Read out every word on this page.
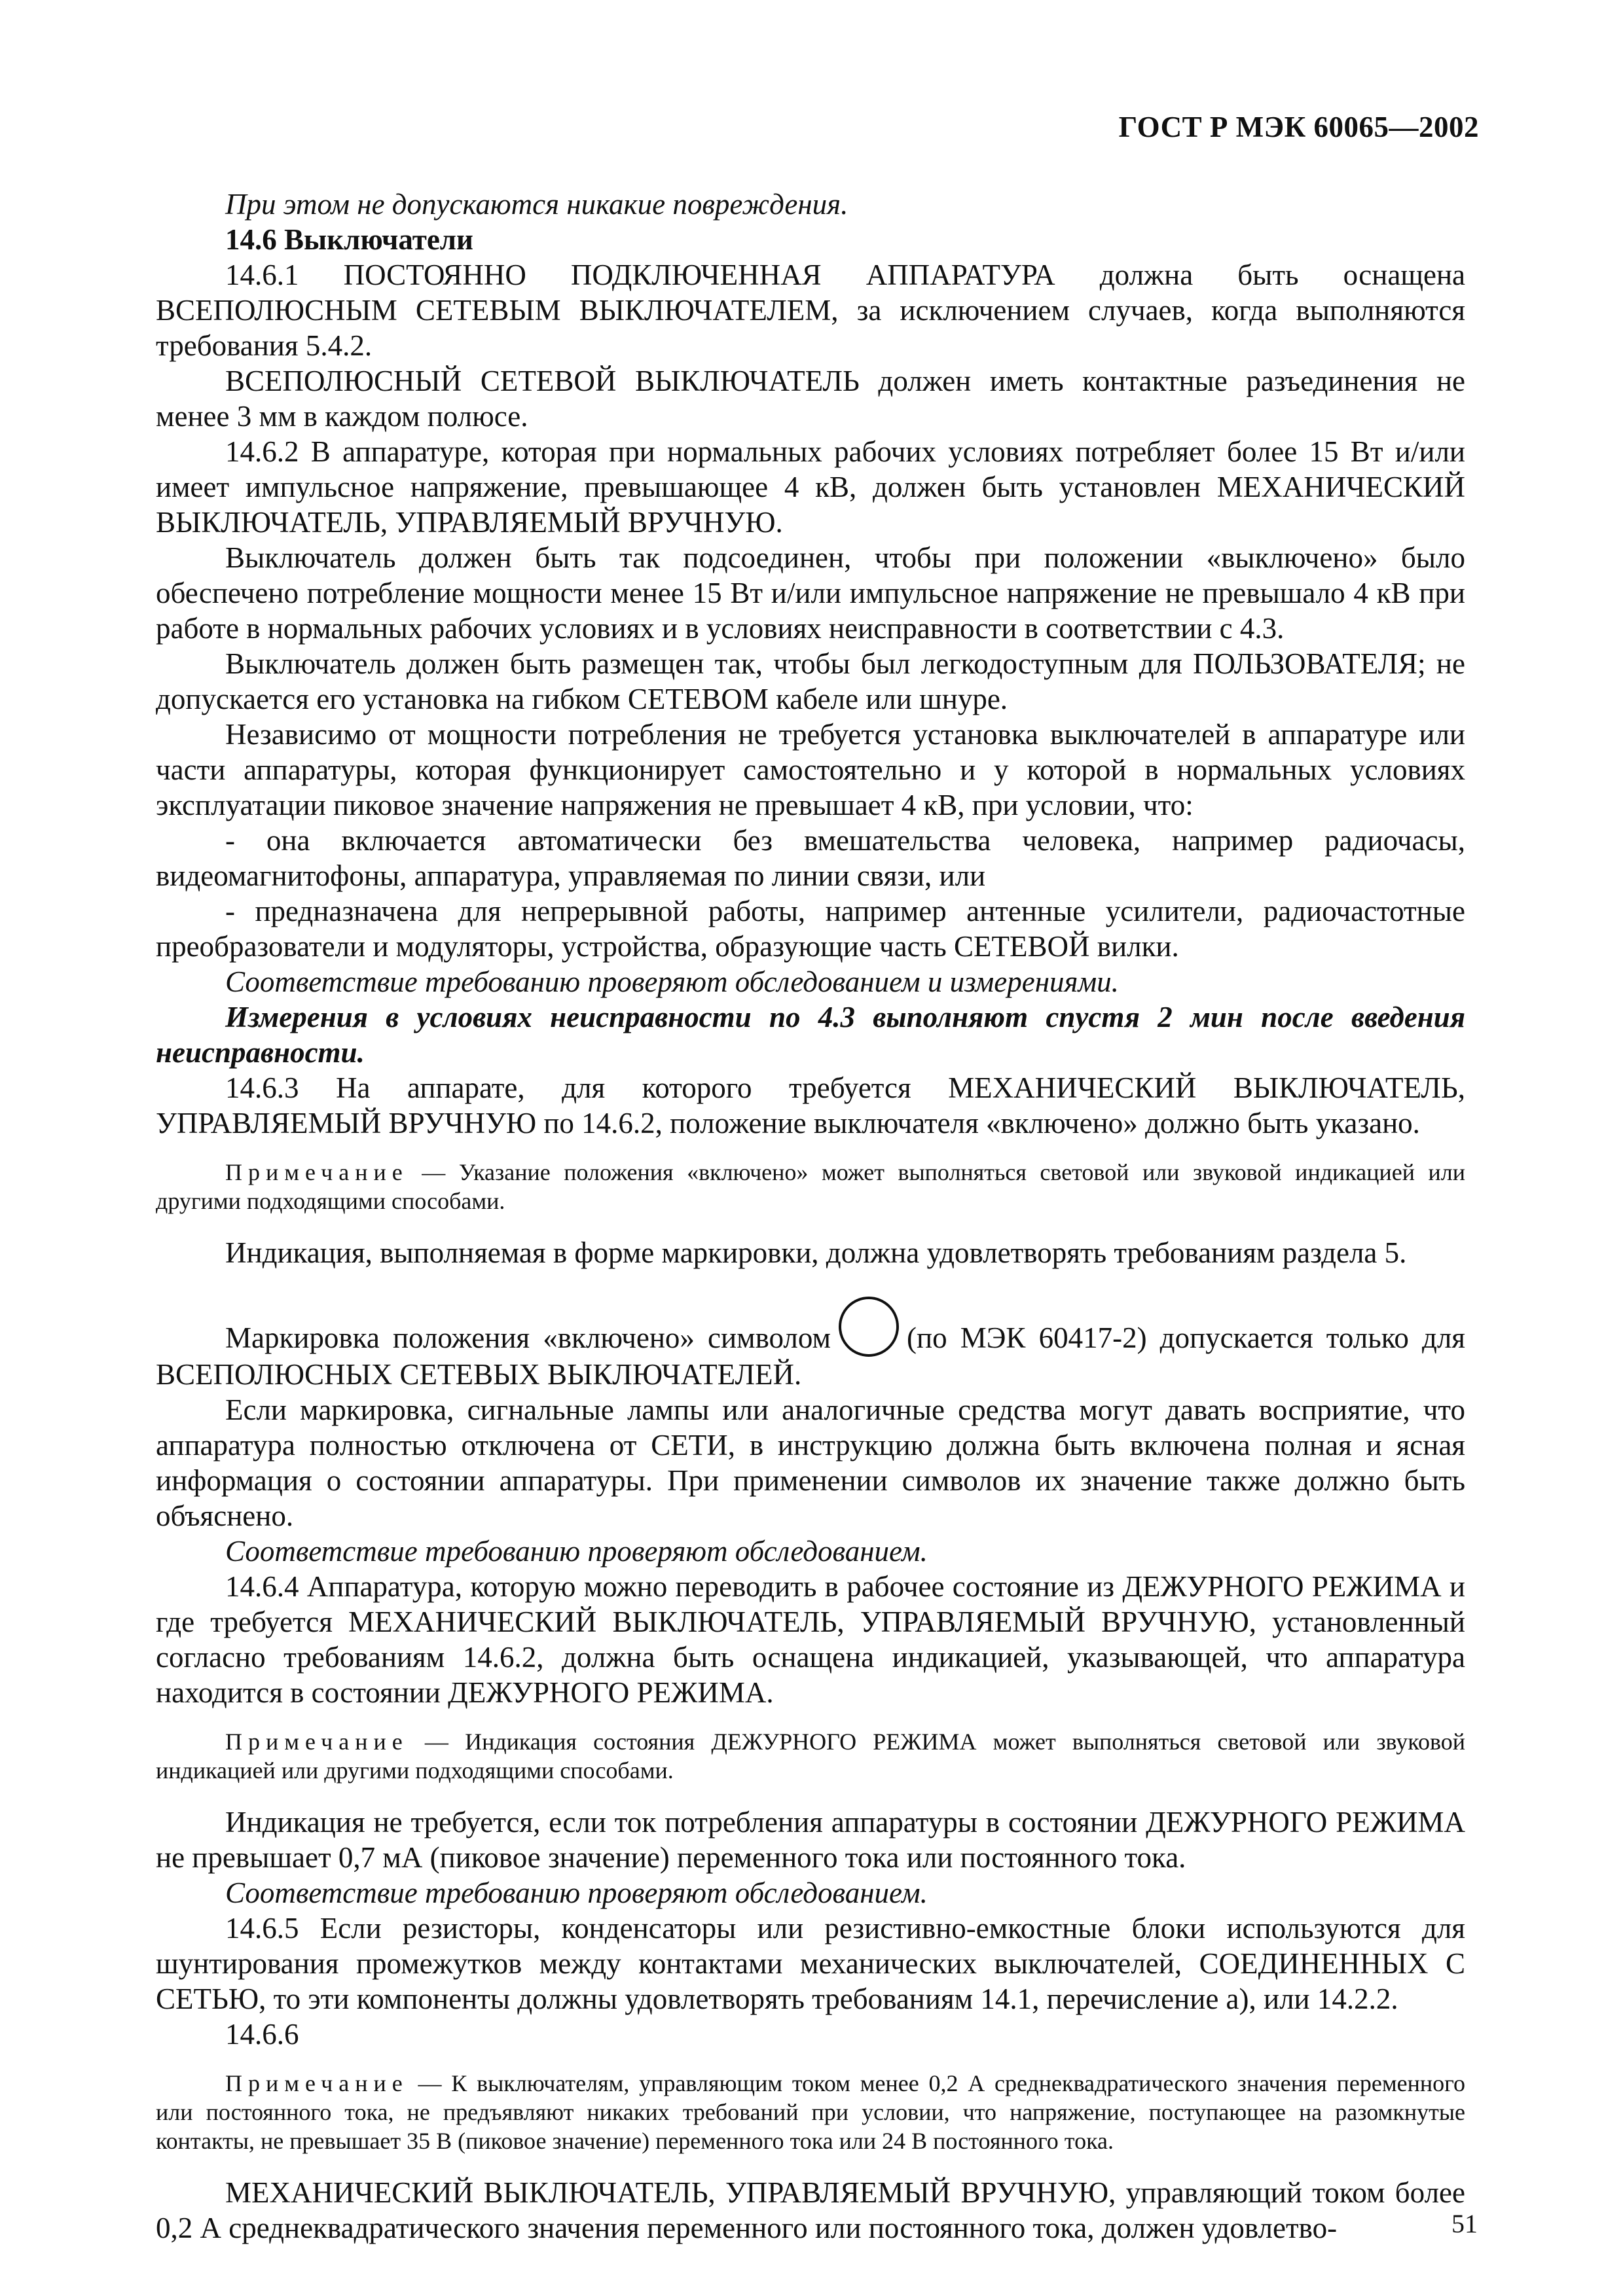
ГОСТ Р МЭК 60065—2002

При этом не допускаются никакие повреждения.

14.6 Выключатели

14.6.1 ПОСТОЯННО ПОДКЛЮЧЕННАЯ АППАРАТУРА должна быть оснащена ВСЕПОЛЮСНЫМ СЕТЕВЫМ ВЫКЛЮЧАТЕЛЕМ, за исключением случаев, когда выполняются требования 5.4.2.

ВСЕПОЛЮСНЫЙ СЕТЕВОЙ ВЫКЛЮЧАТЕЛЬ должен иметь контактные разъединения не менее 3 мм в каждом полюсе.

14.6.2 В аппаратуре, которая при нормальных рабочих условиях потребляет более 15 Вт и/или имеет импульсное напряжение, превышающее 4 кВ, должен быть установлен МЕХАНИЧЕСКИЙ ВЫКЛЮЧАТЕЛЬ, УПРАВЛЯЕМЫЙ ВРУЧНУЮ.

Выключатель должен быть так подсоединен, чтобы при положении «выключено» было обеспечено потребление мощности менее 15 Вт и/или импульсное напряжение не превышало 4 кВ при работе в нормальных рабочих условиях и в условиях неисправности в соответствии с 4.3.

Выключатель должен быть размещен так, чтобы был легкодоступным для ПОЛЬЗОВАТЕЛЯ; не допускается его установка на гибком СЕТЕВОМ кабеле или шнуре.

Независимо от мощности потребления не требуется установка выключателей в аппаратуре или части аппаратуры, которая функционирует самостоятельно и у которой в нормальных условиях эксплуатации пиковое значение напряжения не превышает 4 кВ, при условии, что:

- она включается автоматически без вмешательства человека, например радиочасы, видеомагнитофоны, аппаратура, управляемая по линии связи, или

- предназначена для непрерывной работы, например антенные усилители, радиочастотные преобразователи и модуляторы, устройства, образующие часть СЕТЕВОЙ вилки.

Соответствие требованию проверяют обследованием и измерениями.

Измерения в условиях неисправности по 4.3 выполняют спустя 2 мин после введения неисправности.

14.6.3 На аппарате, для которого требуется МЕХАНИЧЕСКИЙ ВЫКЛЮЧАТЕЛЬ, УПРАВЛЯЕМЫЙ ВРУЧНУЮ по 14.6.2, положение выключателя «включено» должно быть указано.

Примечание — Указание положения «включено» может выполняться световой или звуковой индикацией или другими подходящими способами.

Индикация, выполняемая в форме маркировки, должна удовлетворять требованиям раздела 5.

Маркировка положения «включено» символом	(по МЭК 60417-2) допускается только для ВСЕПОЛЮСНЫХ СЕТЕВЫХ ВЫКЛЮЧАТЕЛЕЙ.

Если маркировка, сигнальные лампы или аналогичные средства могут давать восприятие, что аппаратура полностью отключена от СЕТИ, в инструкцию должна быть включена полная и ясная информация о состоянии аппаратуры. При применении символов их значение также должно быть объяснено.

Соответствие требованию проверяют обследованием.

14.6.4 Аппаратура, которую можно переводить в рабочее состояние из ДЕЖУРНОГО РЕЖИМА и где требуется МЕХАНИЧЕСКИЙ ВЫКЛЮЧАТЕЛЬ, УПРАВЛЯЕМЫЙ ВРУЧНУЮ, установленный согласно требованиям 14.6.2, должна быть оснащена индикацией, указывающей, что аппаратура находится в состоянии ДЕЖУРНОГО РЕЖИМА.

Примечание — Индикация состояния ДЕЖУРНОГО РЕЖИМА может выполняться световой или звуковой индикацией или другими подходящими способами.

Индикация не требуется, если ток потребления аппаратуры в состоянии ДЕЖУРНОГО РЕЖИМА не превышает 0,7 мА (пиковое значение) переменного тока или постоянного тока.

Соответствие требованию проверяют обследованием.

14.6.5 Если резисторы, конденсаторы или резистивно-емкостные блоки используются для шунтирования промежутков между контактами механических выключателей, СОЕДИНЕННЫХ С СЕТЬЮ, то эти компоненты должны удовлетворять требованиям 14.1, перечисление а), или 14.2.2.

14.6.6

Примечание — К выключателям, управляющим током менее 0,2 А среднеквадратического значения переменного или постоянного тока, не предъявляют никаких требований при условии, что напряжение, поступающее на разомкнутые контакты, не превышает 35 В (пиковое значение) переменного тока или 24 В постоянного тока.

МЕХАНИЧЕСКИЙ ВЫКЛЮЧАТЕЛЬ, УПРАВЛЯЕМЫЙ ВРУЧНУЮ, управляющий током более 0,2 А среднеквадратического значения переменного или постоянного тока, должен удовлетво-	51
